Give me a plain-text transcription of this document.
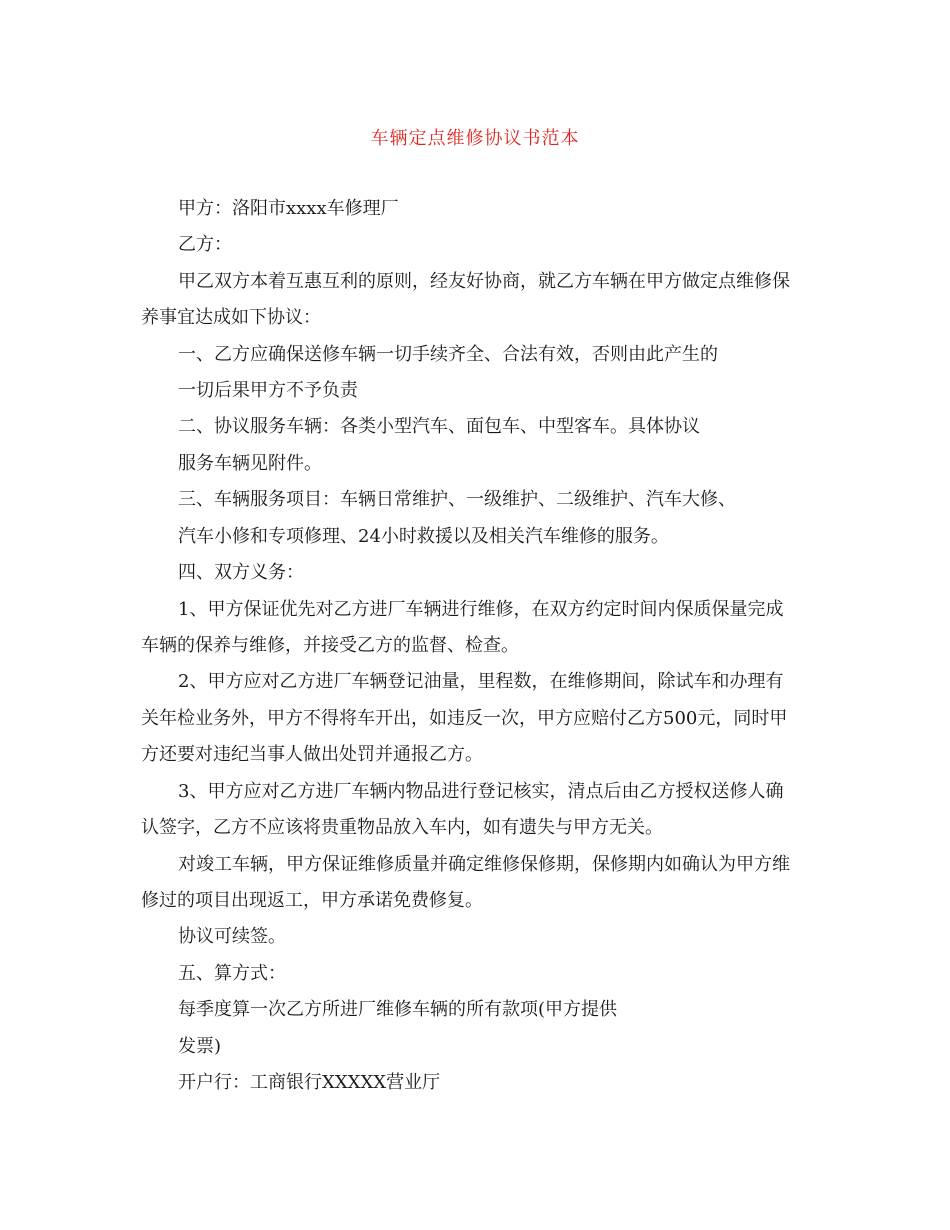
车辆定点维修协议书范本
甲方：洛阳市xxxx车修理厂
乙方：
甲乙双方本着互惠互利的原则，经友好协商，就乙方车辆在甲方做定点维修保
养事宜达成如下协议：
一、乙方应确保送修车辆一切手续齐全、合法有效，否则由此产生的
一切后果甲方不予负责
二、协议服务车辆：各类小型汽车、面包车、中型客车。具体协议
服务车辆见附件。
三、车辆服务项目：车辆日常维护、一级维护、二级维护、汽车大修、
汽车小修和专项修理、24小时救援以及相关汽车维修的服务。
四、双方义务：
1、甲方保证优先对乙方进厂车辆进行维修，在双方约定时间内保质保量完成
车辆的保养与维修，并接受乙方的监督、检查。
2、甲方应对乙方进厂车辆登记油量，里程数，在维修期间，除试车和办理有
关年检业务外，甲方不得将车开出，如违反一次，甲方应赔付乙方500元，同时甲
方还要对违纪当事人做出处罚并通报乙方。
3、甲方应对乙方进厂车辆内物品进行登记核实，清点后由乙方授权送修人确
认签字，乙方不应该将贵重物品放入车内，如有遗失与甲方无关。
对竣工车辆，甲方保证维修质量并确定维修保修期，保修期内如确认为甲方维
修过的项目出现返工，甲方承诺免费修复。
协议可续签。
五、算方式：
每季度算一次乙方所进厂维修车辆的所有款项(甲方提供
发票)
开户行：工商银行XXXXX营业厅
